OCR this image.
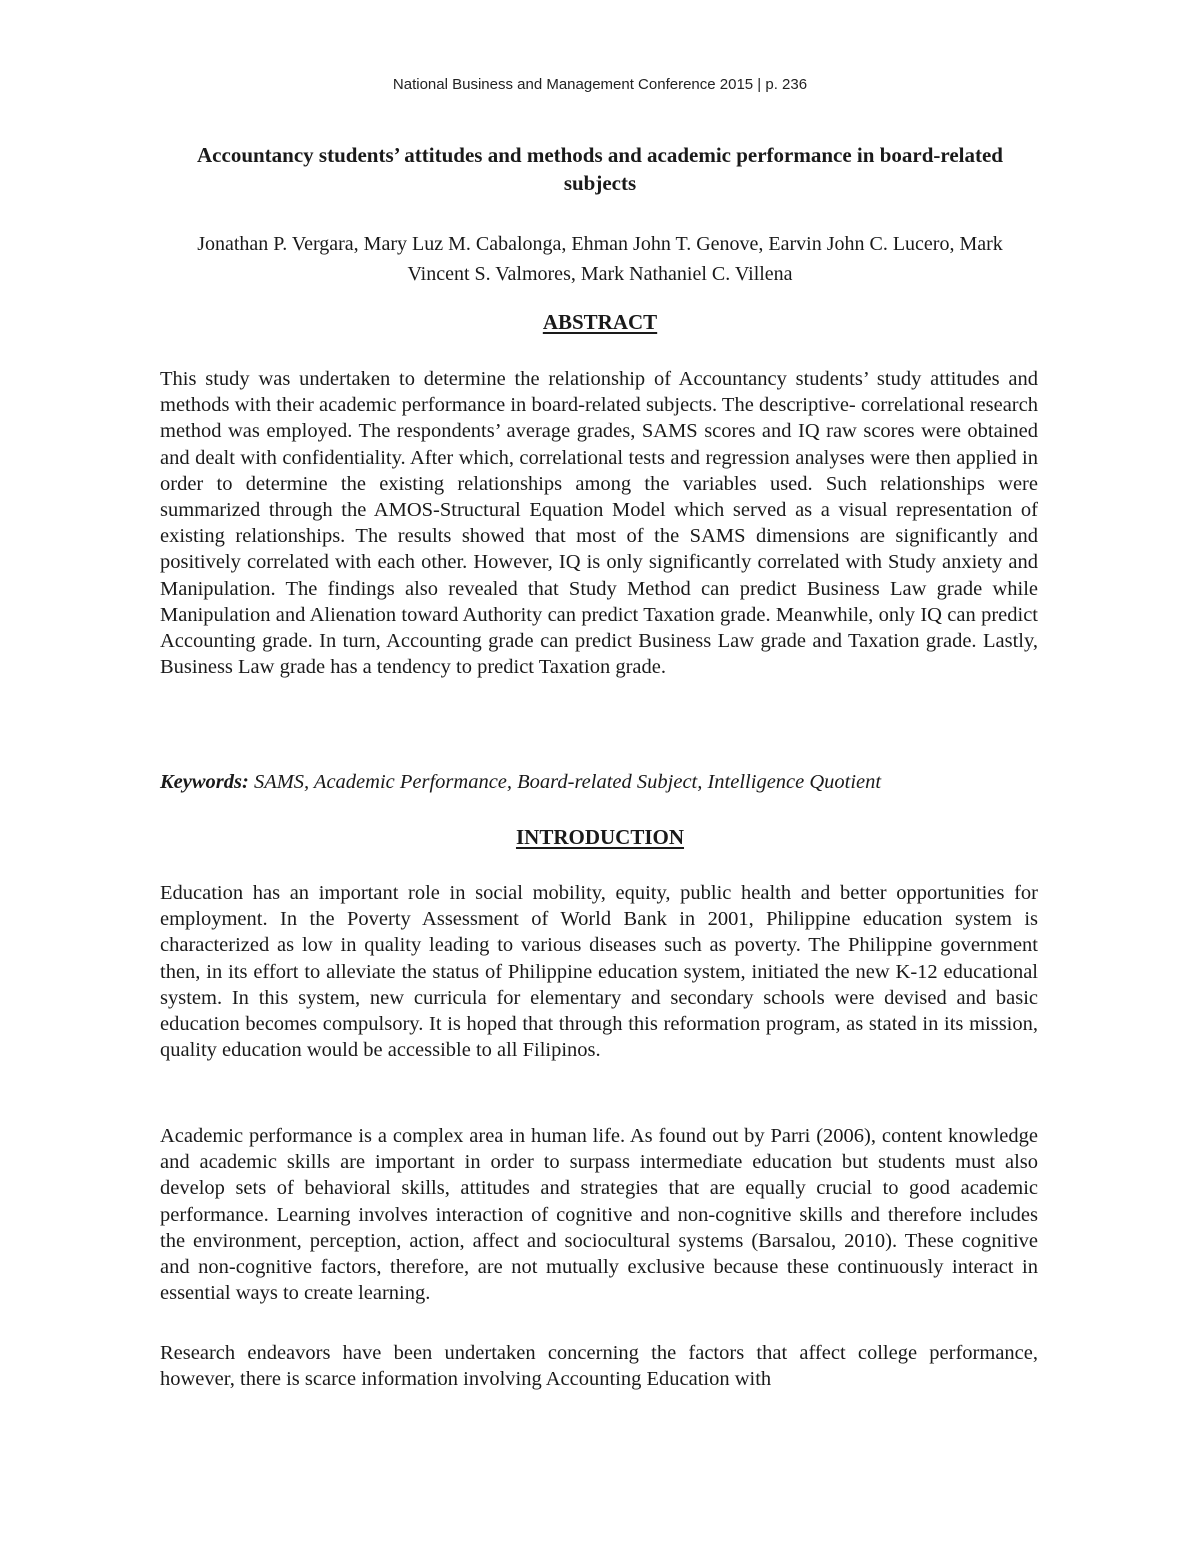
National Business and Management Conference 2015 | p. 236
Accountancy students’ attitudes and methods and academic performance in board-related subjects
Jonathan P. Vergara, Mary Luz M. Cabalonga, Ehman John T. Genove, Earvin John C. Lucero, Mark Vincent S. Valmores, Mark Nathaniel C. Villena
ABSTRACT
This study was undertaken to determine the relationship of Accountancy students’ study attitudes and methods with their academic performance in board-related subjects. The descriptive- correlational research method was employed. The respondents’ average grades, SAMS scores and IQ raw scores were obtained and dealt with confidentiality. After which, correlational tests and regression analyses were then applied in order to determine the existing relationships among the variables used. Such relationships were summarized through the AMOS-Structural Equation Model which served as a visual representation of existing relationships. The results showed that most of the SAMS dimensions are significantly and positively correlated with each other. However, IQ is only significantly correlated with Study anxiety and Manipulation. The findings also revealed that Study Method can predict Business Law grade while Manipulation and Alienation toward Authority can predict Taxation grade. Meanwhile, only IQ can predict Accounting grade. In turn, Accounting grade can predict Business Law grade and Taxation grade. Lastly, Business Law grade has a tendency to predict Taxation grade.
Keywords: SAMS, Academic Performance, Board-related Subject, Intelligence Quotient
INTRODUCTION
Education has an important role in social mobility, equity, public health and better opportunities for employment. In the Poverty Assessment of World Bank in 2001, Philippine education system is characterized as low in quality leading to various diseases such as poverty. The Philippine government then, in its effort to alleviate the status of Philippine education system, initiated the new K-12 educational system. In this system, new curricula for elementary and secondary schools were devised and basic education becomes compulsory. It is hoped that through this reformation program, as stated in its mission, quality education would be accessible to all Filipinos.
Academic performance is a complex area in human life. As found out by Parri (2006), content knowledge and academic skills are important in order to surpass intermediate education but students must also develop sets of behavioral skills, attitudes and strategies that are equally crucial to good academic performance. Learning involves interaction of cognitive and non-cognitive skills and therefore includes the environment, perception, action, affect and sociocultural systems (Barsalou, 2010). These cognitive and non-cognitive factors, therefore, are not mutually exclusive because these continuously interact in essential ways to create learning.
Research endeavors have been undertaken concerning the factors that affect college performance, however, there is scarce information involving Accounting Education with
